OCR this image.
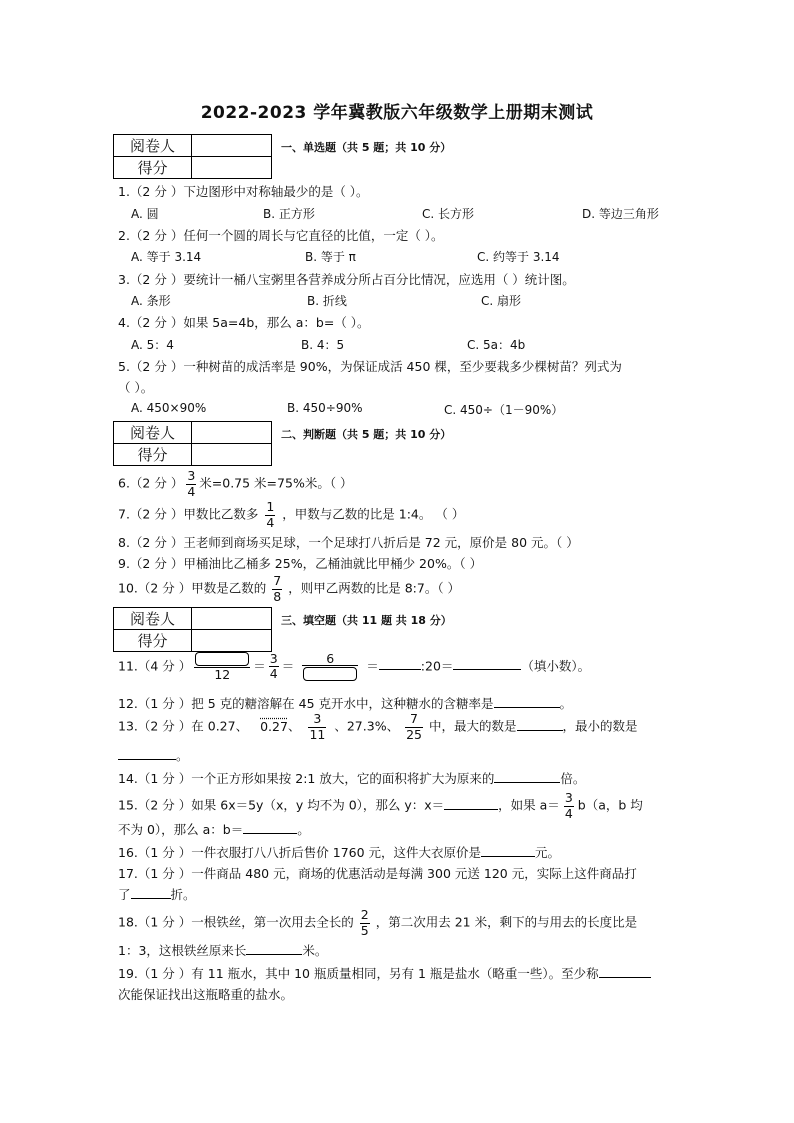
2022-2023 学年冀教版六年级数学上册期末测试
阅卷人	
得分	
一、单选题（共 5 题；共 10 分）
1.（2 分 ）下边图形中对称轴最少的是（ ）。
A. 圆	B. 正方形	C. 长方形	D. 等边三角形
2.（2 分 ）任何一个圆的周长与它直径的比值，一定（ ）。
A. 等于 3.14	B. 等于 π	C. 约等于 3.14
3.（2 分 ）要统计一桶八宝粥里各营养成分所占百分比情况，应选用（ ）统计图。
A. 条形	B. 折线	C. 扇形
4.（2 分 ）如果 5a=4b，那么 a：b=（ ）。
A. 5：4	B. 4：5	C. 5a：4b
5.（2 分 ）一种树苗的成活率是 90%，为保证成活 450 棵，至少要栽多少棵树苗？列式为
（ ）。
A. 450×90%	B. 450÷90%	C. 450÷（1－90%）
阅卷人	
得分	
二、判断题（共 5 题；共 10 分）
6.（2 分 ） $\frac{3}{4}$ 米=0.75 米=75%米。（ ）
7.（2 分 ）甲数比乙数多 $\frac{1}{4}$ ，甲数与乙数的比是 1:4。 （ ）
8.（2 分 ）王老师到商场买足球，一个足球打八折后是 72 元，原价是 80 元。（ ）
9.（2 分 ）甲桶油比乙桶多 25%，乙桶油就比甲桶少 20%。（ ）
10.（2 分 ）甲数是乙数的 $\frac{7}{8}$ ，则甲乙两数的比是 8:7。（ ）
阅卷人	
得分	
三、填空题（共 11 题 共 18 分）
11.（4 分 ）
12
＝ $\frac{3}{4}$ ＝
6
＝	:20＝	（填小数）。
12.（1 分 ）把 5 克的糖溶解在 45 克开水中，这种糖水的含糖率是	。
13.（2 分 ）在 0.27、 0.27、 $\frac{3}{11}$ 、27.3%、 $\frac{7}{25}$ 中，最大的数是	，最小的数是
。
14.（1 分 ）一个正方形如果按 2:1 放大，它的面积将扩大为原来的	倍。
15.（2 分 ）如果 6x＝5y（x，y 均不为 0），那么 y：x＝	，如果 $a= \frac{3}{4} b(a$，b 均
不为 0），那么 a：b＝	。
16.（1 分 ）一件衣服打八八折后售价 1760 元，这件大衣原价是	元。
17.（1 分 ）一件商品 480 元，商场的优惠活动是每满 300 元送 120 元，实际上这件商品打
了	折。
18.（1 分 ）一根铁丝，第一次用去全长的 $\frac{2}{5}$ ，第二次用去 21 米，剩下的与用去的长度比是
1：3，这根铁丝原来长	米。
19.（1 分 ）有 11 瓶水，其中 10 瓶质量相同，另有 1 瓶是盐水（略重一些）。至少称
次能保证找出这瓶略重的盐水。
